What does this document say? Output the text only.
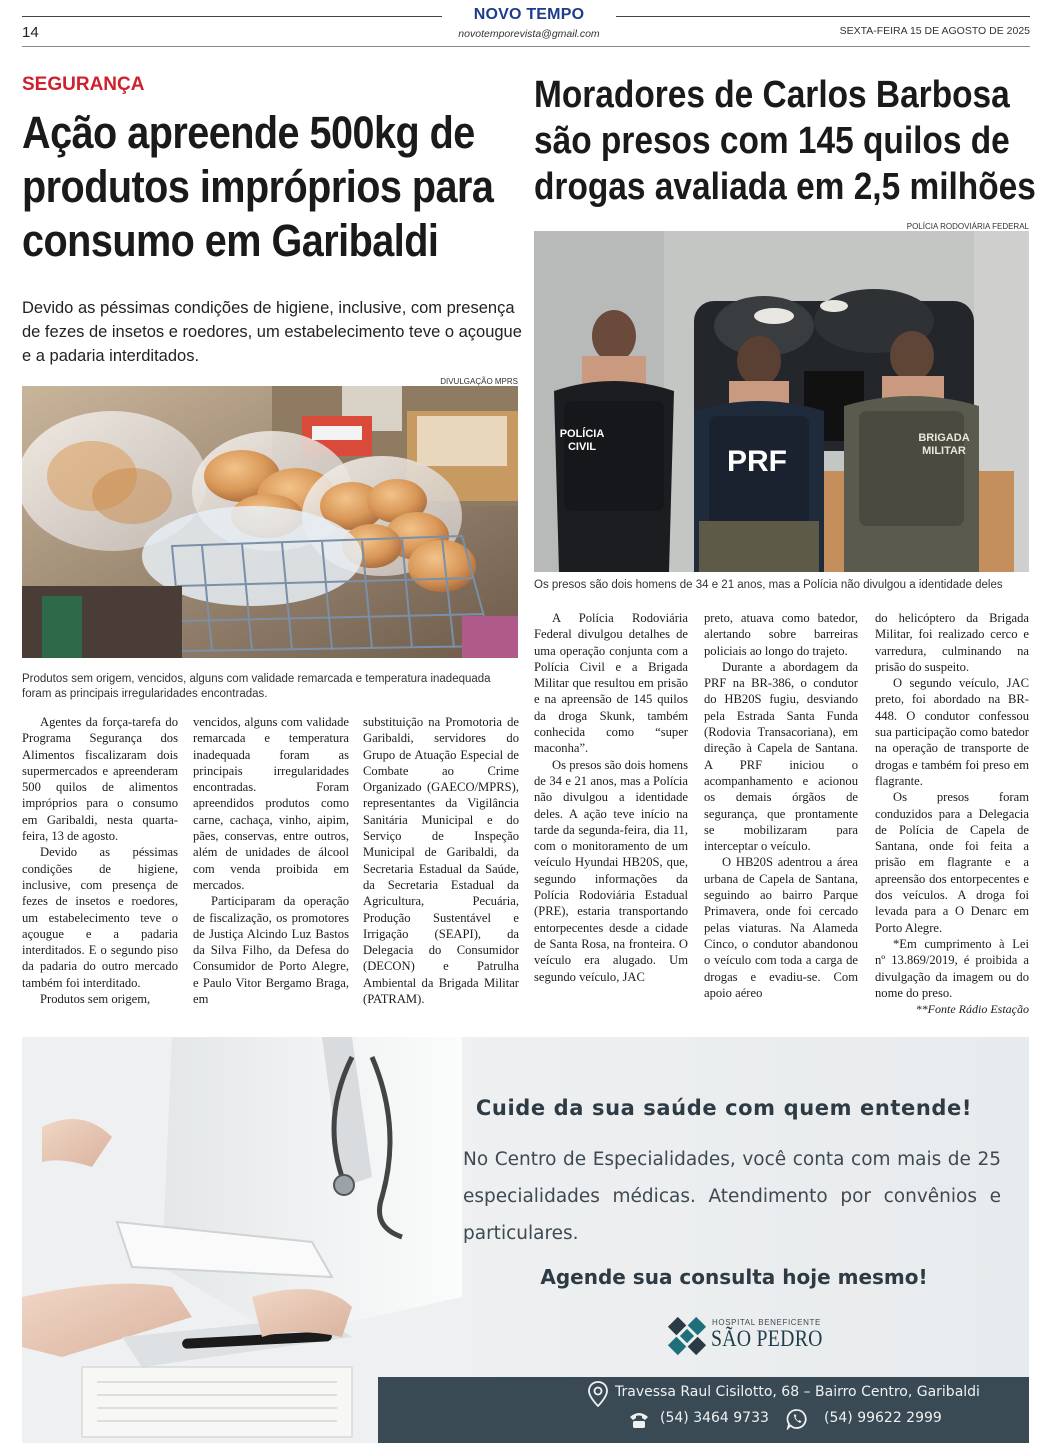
14
NOVO TEMPO
novotemporevista@gmail.com	SEXTA-FEIRA 15 DE AGOSTO DE 2025
SEGURANÇA
Ação apreende 500kg de
produtos impróprios para
consumo em Garibaldi
Devido as péssimas condições de higiene, inclusive, com presença de fezes de insetos e roedores, um estabelecimento teve o açougue e a padaria interditados.
DIVULGAÇÃO MPRS
Produtos sem origem, vencidos, alguns com validade remarcada e temperatura inadequada foram as principais irregularidades encontradas.

Agentes da força-tarefa do Programa Segurança dos Alimentos fiscalizaram dois supermercados e apreenderam 500 quilos de alimentos impróprios para o consumo em Garibaldi, nesta quarta-feira, 13 de agosto.

Devido as péssimas condições de higiene, inclusive, com presença de fezes de insetos e roedores, um estabelecimento teve o açougue e a padaria interditados. E o segundo piso da padaria do outro mercado também foi interditado.

Produtos sem origem,

vencidos, alguns com validade remarcada e temperatura inadequada foram as principais irregularidades encontradas. Foram apreendidos produtos como carne, cachaça, vinho, aipim, pães, conservas, entre outros, além de unidades de álcool com venda proibida em mercados.

Participaram da operação de fiscalização, os promotores de Justiça Alcindo Luz Bastos da Silva Filho, da Defesa do Consumidor de Porto Alegre, e Paulo Vitor Bergamo Braga, em

substituição na Promotoria de Garibaldi, servidores do Grupo de Atuação Especial de Combate ao Crime Organizado (GAECO/MPRS), representantes da Vigilância Sanitária Municipal e do Serviço de Inspeção Municipal de Garibaldi, da Secretaria Estadual da Saúde, da Secretaria Estadual da Agricultura, Pecuária, Produção Sustentável e Irrigação (SEAPI), da Delegacia do Consumidor (DECON) e Patrulha Ambiental da Brigada Militar (PATRAM).

Moradores de Carlos Barbosa
são presos com 145 quilos de
drogas avaliada em 2,5 milhões
POLÍCIA RODOVIÁRIA FEDERAL
POLÍCIA
CIVIL	PRF
BRIGADA
MILITAR
Os presos são dois homens de 34 e 21 anos, mas a Polícia não divulgou a identidade deles

A Polícia Rodoviária Federal divulgou detalhes de uma operação conjunta com a Polícia Civil e a Brigada Militar que resultou em prisão e na apreensão de 145 quilos da droga Skunk, também conhecida como “super maconha”.

Os presos são dois homens de 34 e 21 anos, mas a Polícia não divulgou a identidade deles. A ação teve início na tarde da segunda-feira, dia 11, com o monitoramento de um veículo Hyundai HB20S, que, segundo informações da Polícia Rodoviária Estadual (PRE), estaria transportando entorpecentes desde a cidade de Santa Rosa, na fronteira. O veículo era alugado. Um segundo veículo, JAC

preto, atuava como batedor, alertando sobre barreiras policiais ao longo do trajeto.

Durante a abordagem da PRF na BR-386, o condutor do HB20S fugiu, desviando pela Estrada Santa Funda (Rodovia Transacoriana), em direção à Capela de Santana. A PRF iniciou o acompanhamento e acionou os demais órgãos de segurança, que prontamente se mobilizaram para interceptar o veículo.

O HB20S adentrou a área urbana de Capela de Santana, seguindo ao bairro Parque Primavera, onde foi cercado pelas viaturas. Na Alameda Cinco, o condutor abandonou o veículo com toda a carga de drogas e evadiu-se. Com apoio aéreo

do helicóptero da Brigada Militar, foi realizado cerco e varredura, culminando na prisão do suspeito.

O segundo veículo, JAC preto, foi abordado na BR-448. O condutor confessou sua participação como batedor na operação de transporte de drogas e também foi preso em flagrante.

Os presos foram conduzidos para a Delegacia de Polícia de Capela de Santana, onde foi feita a prisão em flagrante e a apreensão dos entorpecentes e dos veículos. A droga foi levada para a O Denarc em Porto Alegre.

*Em cumprimento à Lei nº 13.869/2019, é proibida a divulgação da imagem ou do nome do preso.

**Fonte Rádio Estação
Cuide da sua saúde com quem entende!
No Centro de Especialidades, você conta com mais de 25 especialidades médicas. Atendimento por convênios e particulares.
Agende sua consulta hoje mesmo!
HOSPITAL BENEFICENTE
SÃO PEDRO
Travessa Raul Cisilotto, 68 – Bairro Centro, Garibaldi
(54) 3464 9733	(54) 99622 2999
